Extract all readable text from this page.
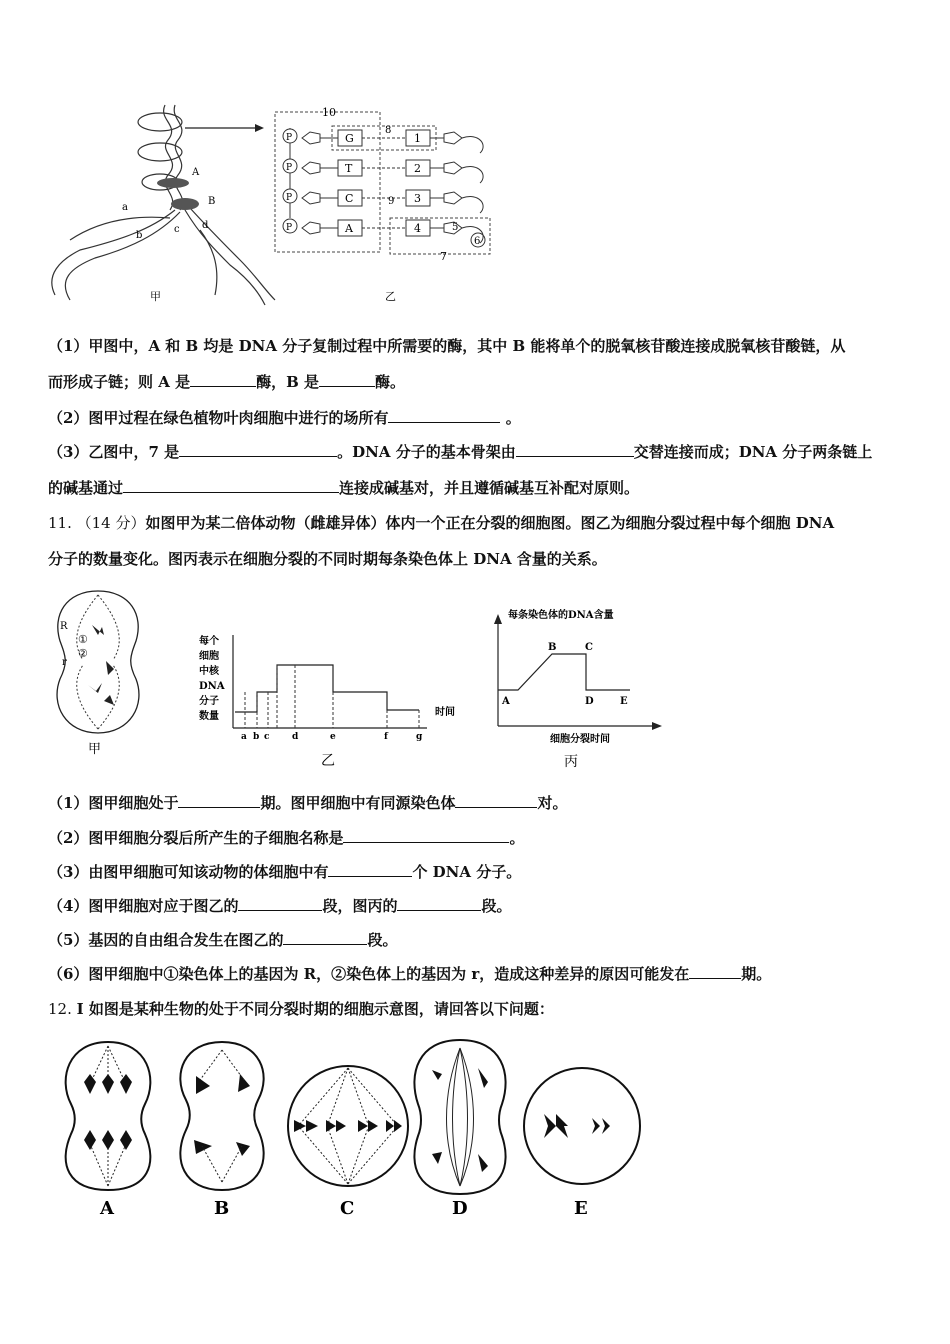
A
B
a
b
c d
甲
10
7
P	G	1
P	T	2
P	C	3
P	A	4
8
9
5
6
乙
（1）甲图中，A 和 B 均是 DNA 分子复制过程中所需要的酶，其中 B 能将单个的脱氧核苷酸连接成脱氧核苷酸链，从
而形成子链；则 A 是	酶，B 是	酶。
（2）图甲过程在绿色植物叶肉细胞中进行的场所有	。
（3）乙图中，7 是	。DNA 分子的基本骨架由	交替连接而成；DNA 分子两条链上
的碱基通过	连接成碱基对，并且遵循碱基互补配对原则。
11. （14 分）如图甲为某二倍体动物（雌雄异体）体内一个正在分裂的细胞图。图乙为细胞分裂过程中每个细胞 DNA
分子的数量变化。图丙表示在细胞分裂的不同时期每条染色体上 DNA 含量的关系。
R
①
②
r
甲
每个
细胞
中核
DNA
分子
数量
a b c	d	e	f	g
时间
乙
每条染色体的DNA含量
A
B	C
D	E
细胞分裂时间
丙
（1）图甲细胞处于	期。图甲细胞中有同源染色体	对。
（2）图甲细胞分裂后所产生的子细胞名称是	。
（3）由图甲细胞可知该动物的体细胞中有	个 DNA 分子。
（4）图甲细胞对应于图乙的	段，图丙的	段。
（5）基因的自由组合发生在图乙的	段。
（6）图甲细胞中①染色体上的基因为 R，②染色体上的基因为 r，造成这种差异的原因可能发在	期。
12. I 如图是某种生物的处于不同分裂时期的细胞示意图，请回答以下问题：
A	B	C	D	E
